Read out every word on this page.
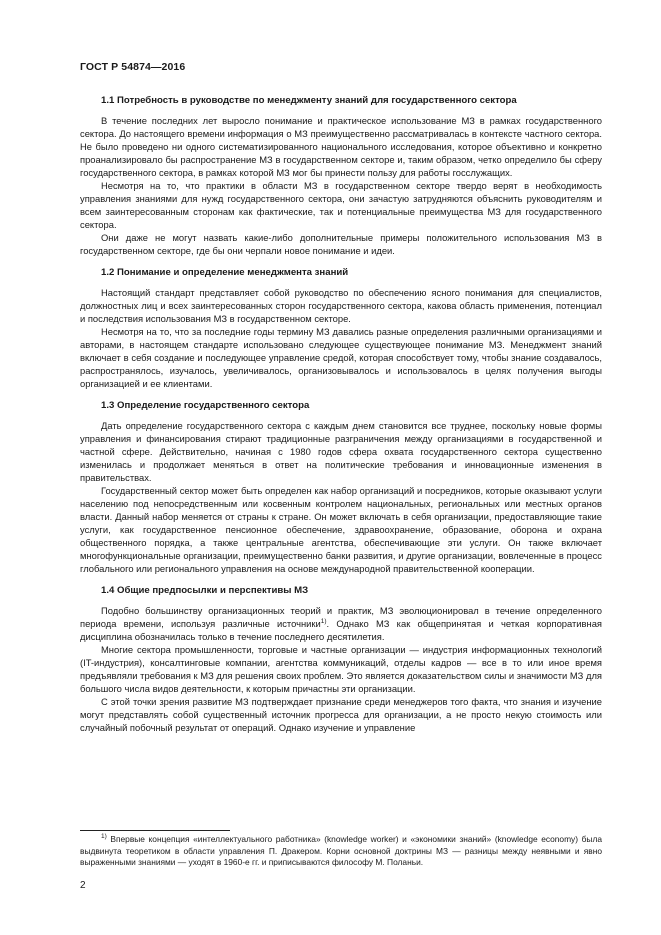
ГОСТ Р 54874—2016
1.1 Потребность в руководстве по менеджменту знаний для государственного сектора

В течение последних лет выросло понимание и практическое использование МЗ в рамках государственного сектора. До настоящего времени информация о МЗ преимущественно рассматривалась в контексте частного сектора. Не было проведено ни одного систематизированного национального исследования, которое объективно и конкретно проанализировало бы распространение МЗ в государственном секторе и, таким образом, четко определило бы сферу государственного сектора, в рамках которой МЗ мог бы принести пользу для работы госслужащих.

Несмотря на то, что практики в области МЗ в государственном секторе твердо верят в необходимость управления знаниями для нужд государственного сектора, они зачастую затрудняются объяснить руководителям и всем заинтересованным сторонам как фактические, так и потенциальные преимущества МЗ для государственного сектора.

Они даже не могут назвать какие-либо дополнительные примеры положительного использования МЗ в государственном секторе, где бы они черпали новое понимание и идеи.

1.2 Понимание и определение менеджмента знаний

Настоящий стандарт представляет собой руководство по обеспечению ясного понимания для специалистов, должностных лиц и всех заинтересованных сторон государственного сектора, какова область применения, потенциал и последствия использования МЗ в государственном секторе.

Несмотря на то, что за последние годы термину МЗ давались разные определения различными организациями и авторами, в настоящем стандарте использовано следующее существующее понимание МЗ. Менеджмент знаний включает в себя создание и последующее управление средой, которая способствует тому, чтобы знание создавалось, распространялось, изучалось, увеличивалось, организовывалось и использовалось в целях получения выгоды организацией и ее клиентами.

1.3 Определение государственного сектора

Дать определение государственного сектора с каждым днем становится все труднее, поскольку новые формы управления и финансирования стирают традиционные разграничения между организациями в государственной и частной сфере. Действительно, начиная с 1980 годов сфера охвата государственного сектора существенно изменилась и продолжает меняться в ответ на политические требования и инновационные изменения в правительствах.

Государственный сектор может быть определен как набор организаций и посредников, которые оказывают услуги населению под непосредственным или косвенным контролем национальных, региональных или местных органов власти. Данный набор меняется от страны к стране. Он может включать в себя организации, предоставляющие такие услуги, как государственное пенсионное обеспечение, здравоохранение, образование, оборона и охрана общественного порядка, а также центральные агентства, обеспечивающие эти услуги. Он также включает многофункциональные организации, преимущественно банки развития, и другие организации, вовлеченные в процесс глобального или регионального управления на основе международной правительственной кооперации.

1.4 Общие предпосылки и перспективы МЗ

Подобно большинству организационных теорий и практик, МЗ эволюционировал в течение определенного периода времени, используя различные источники$^{1)}$. Однако МЗ как общепринятая и четкая корпоративная дисциплина обозначилась только в течение последнего десятилетия.

Многие сектора промышленности, торговые и частные организации — индустрия информационных технологий (IT-индустрия), консалтинговые компании, агентства коммуникаций, отделы кадров — все в то или иное время предъявляли требования к МЗ для решения своих проблем. Это является доказательством силы и значимости МЗ для большого числа видов деятельности, к которым причастны эти организации.

С этой точки зрения развитие МЗ подтверждает признание среди менеджеров того факта, что знания и изучение могут представлять собой существенный источник прогресса для организации, а не просто некую стоимость или случайный побочный результат от операций. Однако изучение и управление

$^{1)}$ Впервые концепция «интеллектуального работника» (knowledge worker) и «экономики знаний» (knowledge economy) была выдвинута теоретиком в области управления П. Дракером. Корни основной доктрины МЗ — разницы между неявными и явно выраженными знаниями — уходят в 1960-е гг. и приписываются философу М. Поланьи.

2
